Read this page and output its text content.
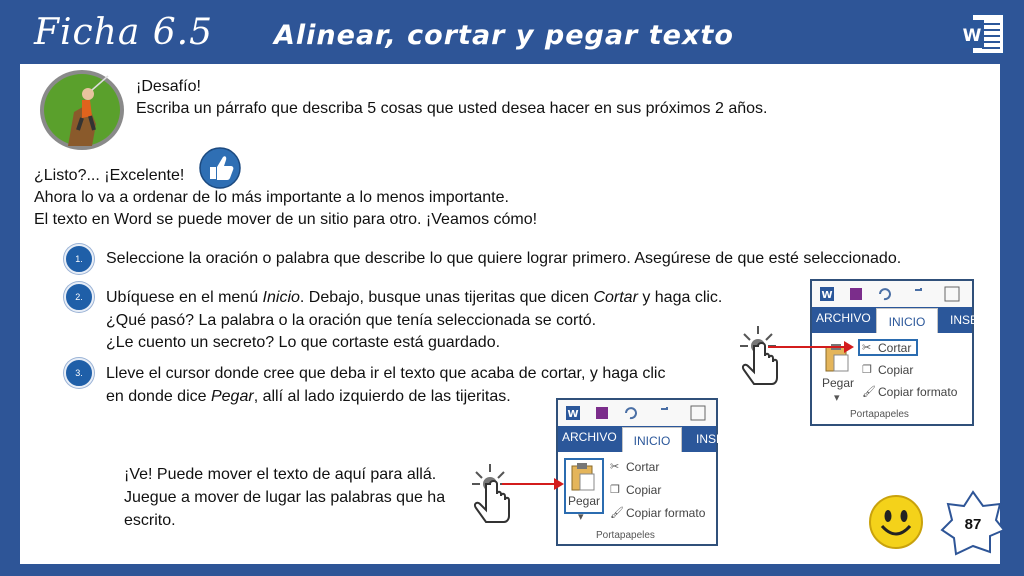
Ficha 6.5 Alinear, cortar y pegar texto	W
¡Desafío!
Escriba un párrafo que describa 5 cosas que usted desea hacer en sus próximos 2 años.
¿Listo?... ¡Excelente!
Ahora lo va a ordenar de lo más importante a lo menos importante.
El texto en Word se puede mover de un sitio para otro. ¡Veamos cómo!
1.	Seleccione la oración o palabra que describe lo que quiere lograr primero. Asegúrese de que esté seleccionado.
2.	Ubíquese en el menú Inicio. Debajo, busque unas tijeritas que dicen Cortar y haga clic.
¿Qué pasó? La palabra o la oración que tenía seleccionada se cortó.
¿Le cuento un secreto? Lo que cortaste está guardado.
3.	Lleve el cursor donde cree que deba ir el texto que acaba de cortar, y haga clic
en donde dice Pegar, allí al lado izquierdo de las tijeritas.
¡Ve! Puede mover el texto de aquí para allá.
Juegue a mover de lugar las palabras que ha
escrito.
W
ARCHIVO	INICIO	INSE
Pegar
▾
✂ Cortar
❐ Copiar
🖌 Copiar formato
Portapapeles
W
ARCHIVO	INICIO	INSE
Pegar
▾
✂ Cortar
❐ Copiar
🖌 Copiar formato
Portapapeles
87
